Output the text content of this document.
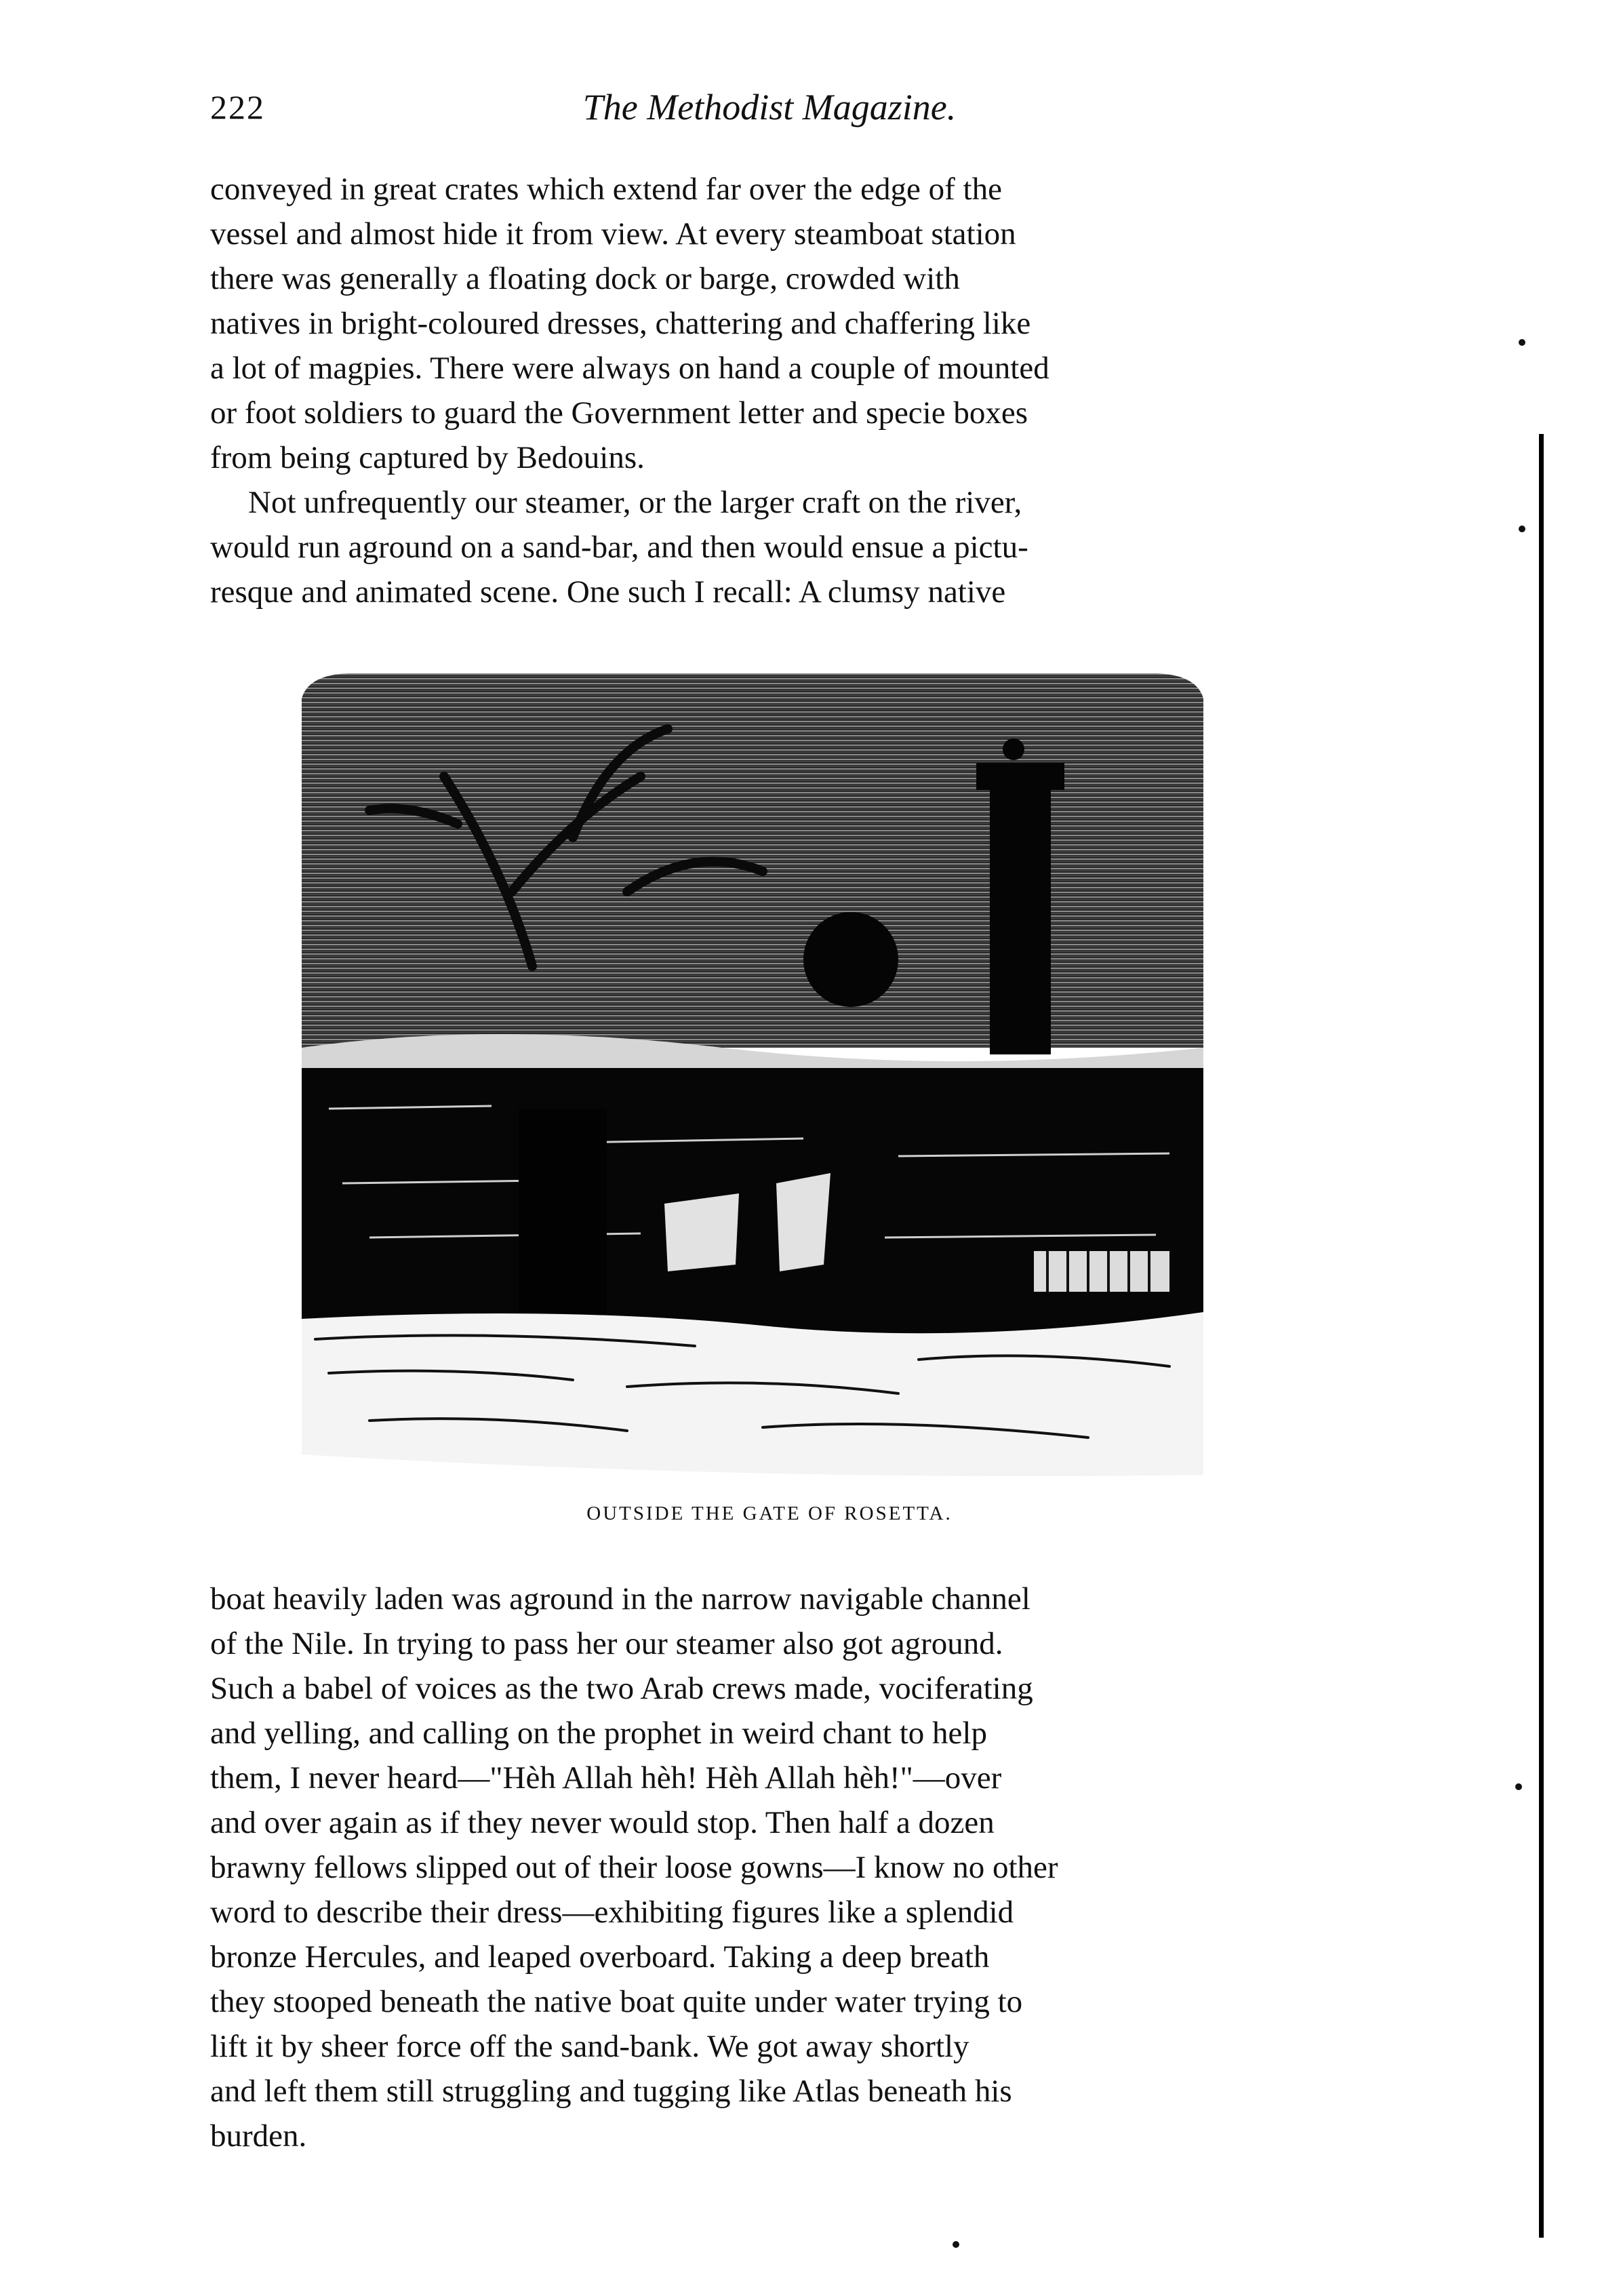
222	The Methodist Magazine.

conveyed in great crates which extend far over the edge of the
vessel and almost hide it from view. At every steamboat station
there was generally a floating dock or barge, crowded with
natives in bright-coloured dresses, chattering and chaffering like
a lot of magpies. There were always on hand a couple of mounted
or foot soldiers to guard the Government letter and specie boxes
from being captured by Bedouins.

Not unfrequently our steamer, or the larger craft on the river,
would run aground on a sand-bar, and then would ensue a pictu-
resque and animated scene. One such I recall: A clumsy native

OUTSIDE THE GATE OF ROSETTA.

boat heavily laden was aground in the narrow navigable channel
of the Nile. In trying to pass her our steamer also got aground.
Such a babel of voices as the two Arab crews made, vociferating
and yelling, and calling on the prophet in weird chant to help
them, I never heard—"Hèh Allah hèh! Hèh Allah hèh!"—over
and over again as if they never would stop. Then half a dozen
brawny fellows slipped out of their loose gowns—I know no other
word to describe their dress—exhibiting figures like a splendid
bronze Hercules, and leaped overboard. Taking a deep breath
they stooped beneath the native boat quite under water trying to
lift it by sheer force off the sand-bank. We got away shortly
and left them still struggling and tugging like Atlas beneath his
burden.
